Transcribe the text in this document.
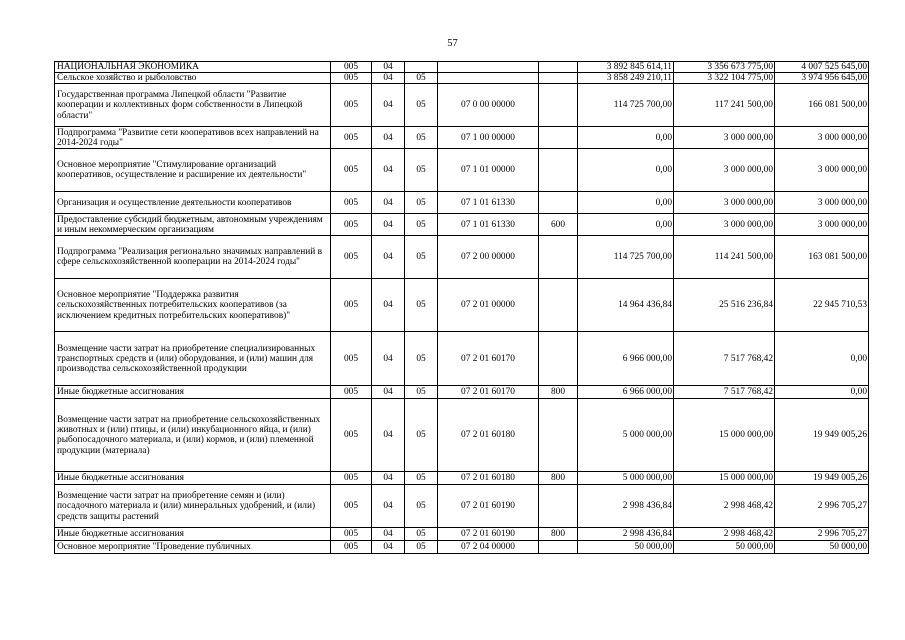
57
НАЦИОНАЛЬНАЯ ЭКОНОМИКА	005	04				3 892 845 614,11	3 356 673 775,00	4 007 525 645,00
Сельское хозяйство и рыболовство	005	04	05			3 858 249 210,11	3 322 104 775,00	3 974 956 645,00
Государственная программа Липецкой области "Развитие кооперации и коллективных форм собственности в Липецкой области"	005	04	05	07 0 00 00000		114 725 700,00	117 241 500,00	166 081 500,00
Подпрограмма "Развитие сети кооперативов всех направлений на 2014-2024 годы"	005	04	05	07 1 00 00000		0,00	3 000 000,00	3 000 000,00
Основное мероприятие "Стимулирование организаций кооперативов, осуществление и расширение их деятельности"	005	04	05	07 1 01 00000		0,00	3 000 000,00	3 000 000,00
Организация и осуществление деятельности кооперативов	005	04	05	07 1 01 61330		0,00	3 000 000,00	3 000 000,00
Предоставление субсидий бюджетным, автономным учреждениям и иным некоммерческим организациям	005	04	05	07 1 01 61330	600	0,00	3 000 000,00	3 000 000,00
Подпрограмма "Реализация регионально значимых направлений в сфере сельскохозяйственной кооперации на 2014-2024 годы"	005	04	05	07 2 00 00000		114 725 700,00	114 241 500,00	163 081 500,00
Основное мероприятие "Поддержка развития сельскохозяйственных потребительских кооперативов (за исключением кредитных потребительских кооперативов)"	005	04	05	07 2 01 00000		14 964 436,84	25 516 236,84	22 945 710,53
Возмещение части затрат на приобретение специализированных транспортных средств и (или) оборудования, и (или) машин для производства сельскохозяйственной продукции	005	04	05	07 2 01 60170		6 966 000,00	7 517 768,42	0,00
Иные бюджетные ассигнования	005	04	05	07 2 01 60170	800	6 966 000,00	7 517 768,42	0,00
Возмещение части затрат на приобретение сельскохозяйственных животных и (или) птицы, и (или) инкубационного яйца, и (или) рыбопосадочного материала, и (или) кормов, и (или) племенной продукции (материала)	005	04	05	07 2 01 60180		5 000 000,00	15 000 000,00	19 949 005,26
Иные бюджетные ассигнования	005	04	05	07 2 01 60180	800	5 000 000,00	15 000 000,00	19 949 005,26
Возмещение части затрат на приобретение семян и (или) посадочного материала и (или) минеральных удобрений, и (или) средств защиты растений	005	04	05	07 2 01 60190		2 998 436,84	2 998 468,42	2 996 705,27
Иные бюджетные ассигнования	005	04	05	07 2 01 60190	800	2 998 436,84	2 998 468,42	2 996 705,27
Основное мероприятие "Проведение публичных	005	04	05	07 2 04 00000		50 000,00	50 000,00	50 000,00
